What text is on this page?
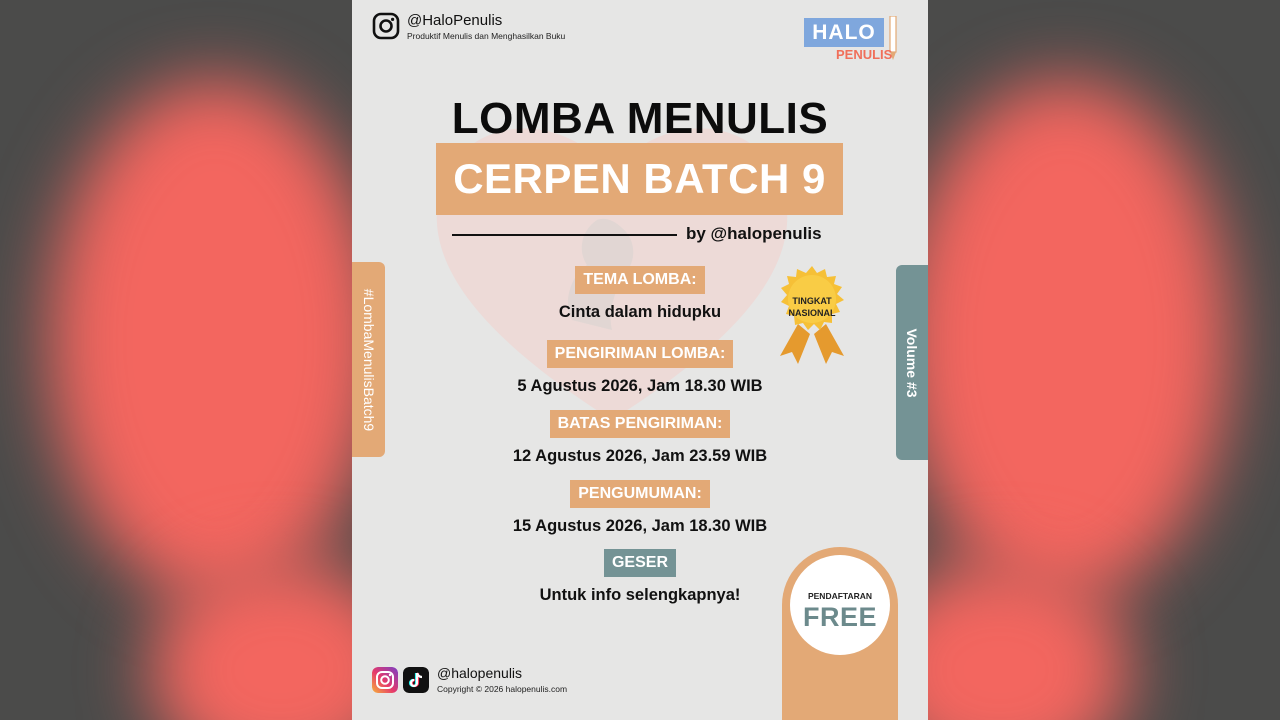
@HaloPenulis
Produktif Menulis dan Menghasilkan Buku	HALO
PENULIS
LOMBA MENULIS
CERPEN BATCH 9
by @halopenulis
#LombaMenulisBatch9	Volume #3
TINGKAT
NASIONAL
TEMA LOMBA:
Cinta dalam hidupku
PENGIRIMAN LOMBA:
5 Agustus 2026, Jam 18.30 WIB
BATAS PENGIRIMAN:
12 Agustus 2026, Jam 23.59 WIB
PENGUMUMAN:
15 Agustus 2026, Jam 18.30 WIB
GESER
Untuk info selengkapnya!	PENDAFTARAN
FREE
@halopenulis
Copyright © 2026 halopenulis.com
